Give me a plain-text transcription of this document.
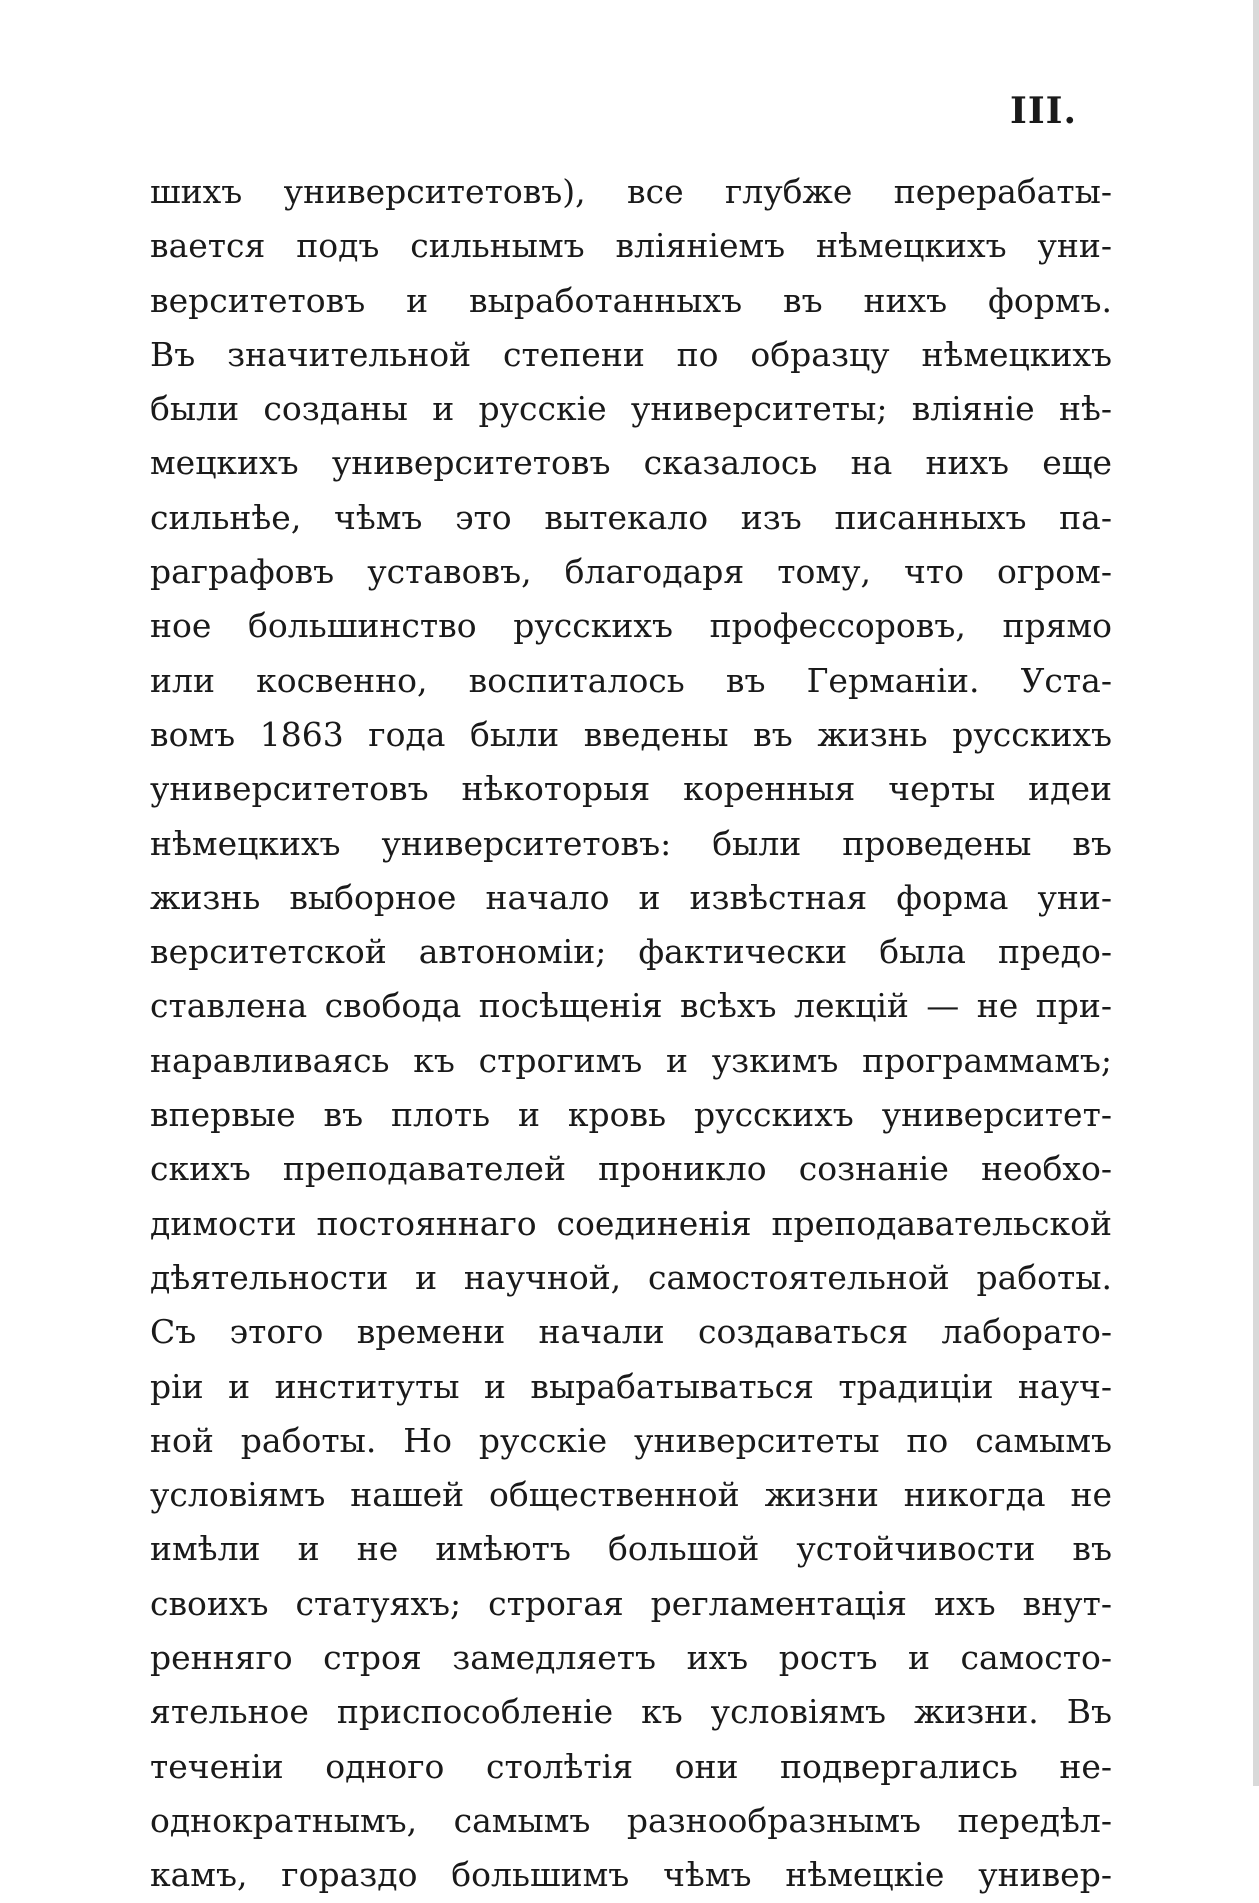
III.
шихъ университетовъ), все глубже перерабаты-
вается подъ сильнымъ вліяніемъ нѣмецкихъ уни-
верситетовъ и выработанныхъ въ нихъ формъ.
Въ значительной степени по образцу нѣмецкихъ
были созданы и русскіе университеты; вліяніе нѣ-
мецкихъ университетовъ сказалось на нихъ еще
сильнѣе, чѣмъ это вытекало изъ писанныхъ па-
раграфовъ уставовъ, благодаря тому, что огром-
ное большинство русскихъ профессоровъ, прямо
или косвенно, воспиталось въ Германіи. Уста-
вомъ 1863 года были введены въ жизнь русскихъ
университетовъ нѣкоторыя коренныя черты идеи
нѣмецкихъ университетовъ: были проведены въ
жизнь выборное начало и извѣстная форма уни-
верситетской автономіи; фактически была предо-
ставлена свобода посѣщенія всѣхъ лекцій — не при-
наравливаясь къ строгимъ и узкимъ программамъ;
впервые въ плоть и кровь русскихъ университет-
скихъ преподавателей проникло сознаніе необхо-
димости постояннаго соединенія преподавательской
дѣятельности и научной, самостоятельной работы.
Съ этого времени начали создаваться лаборато-
ріи и институты и вырабатываться традиціи науч-
ной работы. Но русскіе университеты по самымъ
условіямъ нашей общественной жизни никогда не
имѣли и не имѣютъ большой устойчивости въ
своихъ статуяхъ; строгая регламентація ихъ внут-
ренняго строя замедляетъ ихъ ростъ и самосто-
ятельное приспособленіе къ условіямъ жизни. Въ
теченіи одного столѣтія они подвергались не-
однократнымъ, самымъ разнообразнымъ передѣл-
камъ, гораздо большимъ чѣмъ нѣмецкіе универ-
